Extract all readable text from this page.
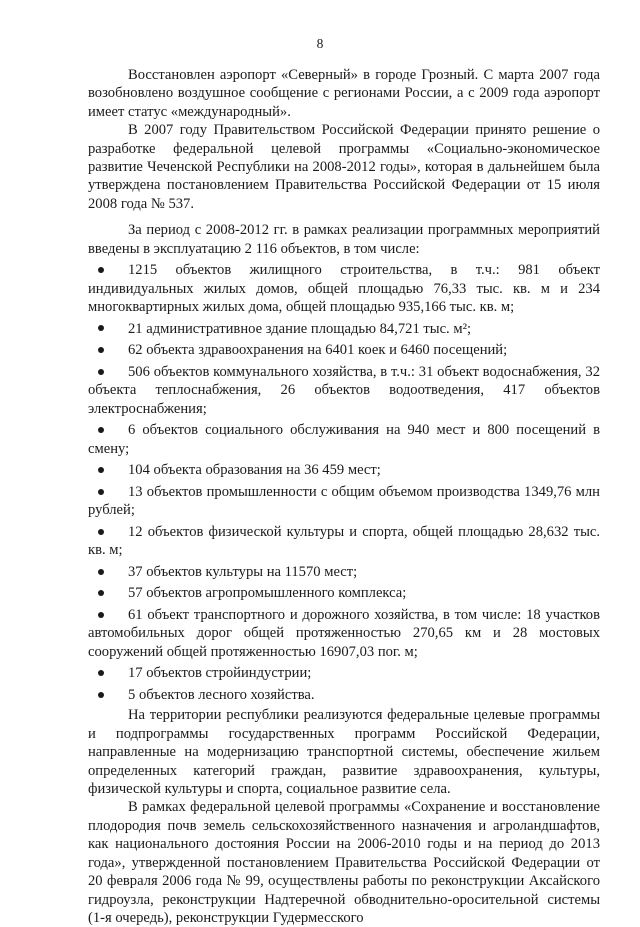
8

Восстановлен аэропорт «Северный» в городе Грозный. С марта 2007 года возобновлено воздушное сообщение с регионами России, а с 2009 года аэропорт имеет статус «международный».

В 2007 году Правительством Российской Федерации принято решение о разработке федеральной целевой программы «Социально-экономическое развитие Чеченской Республики на 2008-2012 годы», которая в дальнейшем была утверждена постановлением Правительства Российской Федерации от 15 июля 2008 года № 537.

За период с 2008-2012 гг. в рамках реализации программных мероприятий введены в эксплуатацию 2 116 объектов, в том числе:

1215 объектов жилищного строительства, в т.ч.: 981 объект индивидуальных жилых домов, общей площадью 76,33 тыс. кв. м и 234 многоквартирных жилых дома, общей площадью 935,166 тыс. кв. м;
21 административное здание площадью 84,721 тыс. м²;
62 объекта здравоохранения на 6401 коек и 6460 посещений;
506 объектов коммунального хозяйства, в т.ч.: 31 объект водоснабжения, 32 объекта теплоснабжения, 26 объектов водоотведения, 417 объектов электроснабжения;
6 объектов социального обслуживания на 940 мест и 800 посещений в смену;
104 объекта образования на 36 459 мест;
13 объектов промышленности с общим объемом производства 1349,76 млн рублей;
12 объектов физической культуры и спорта, общей площадью 28,632 тыс. кв. м;
37 объектов культуры на 11570 мест;
57 объектов агропромышленного комплекса;
61 объект транспортного и дорожного хозяйства, в том числе: 18 участков автомобильных дорог общей протяженностью 270,65 км и 28 мостовых сооружений общей протяженностью 16907,03 пог. м;
17 объектов стройиндустрии;
5 объектов лесного хозяйства.

На территории республики реализуются федеральные целевые программы и подпрограммы государственных программ Российской Федерации, направленные на модернизацию транспортной системы, обеспечение жильем определенных категорий граждан, развитие здравоохранения, культуры, физической культуры и спорта, социальное развитие села.

В рамках федеральной целевой программы «Сохранение и восстановление плодородия почв земель сельскохозяйственного назначения и агроландшафтов, как национального достояния России на 2006-2010 годы и на период до 2013 года», утвержденной постановлением Правительства Российской Федерации от 20 февраля 2006 года № 99, осуществлены работы по реконструкции Аксайского гидроузла, реконструкции Надтеречной обводнительно-оросительной системы (1-я очередь), реконструкции Гудермесского
